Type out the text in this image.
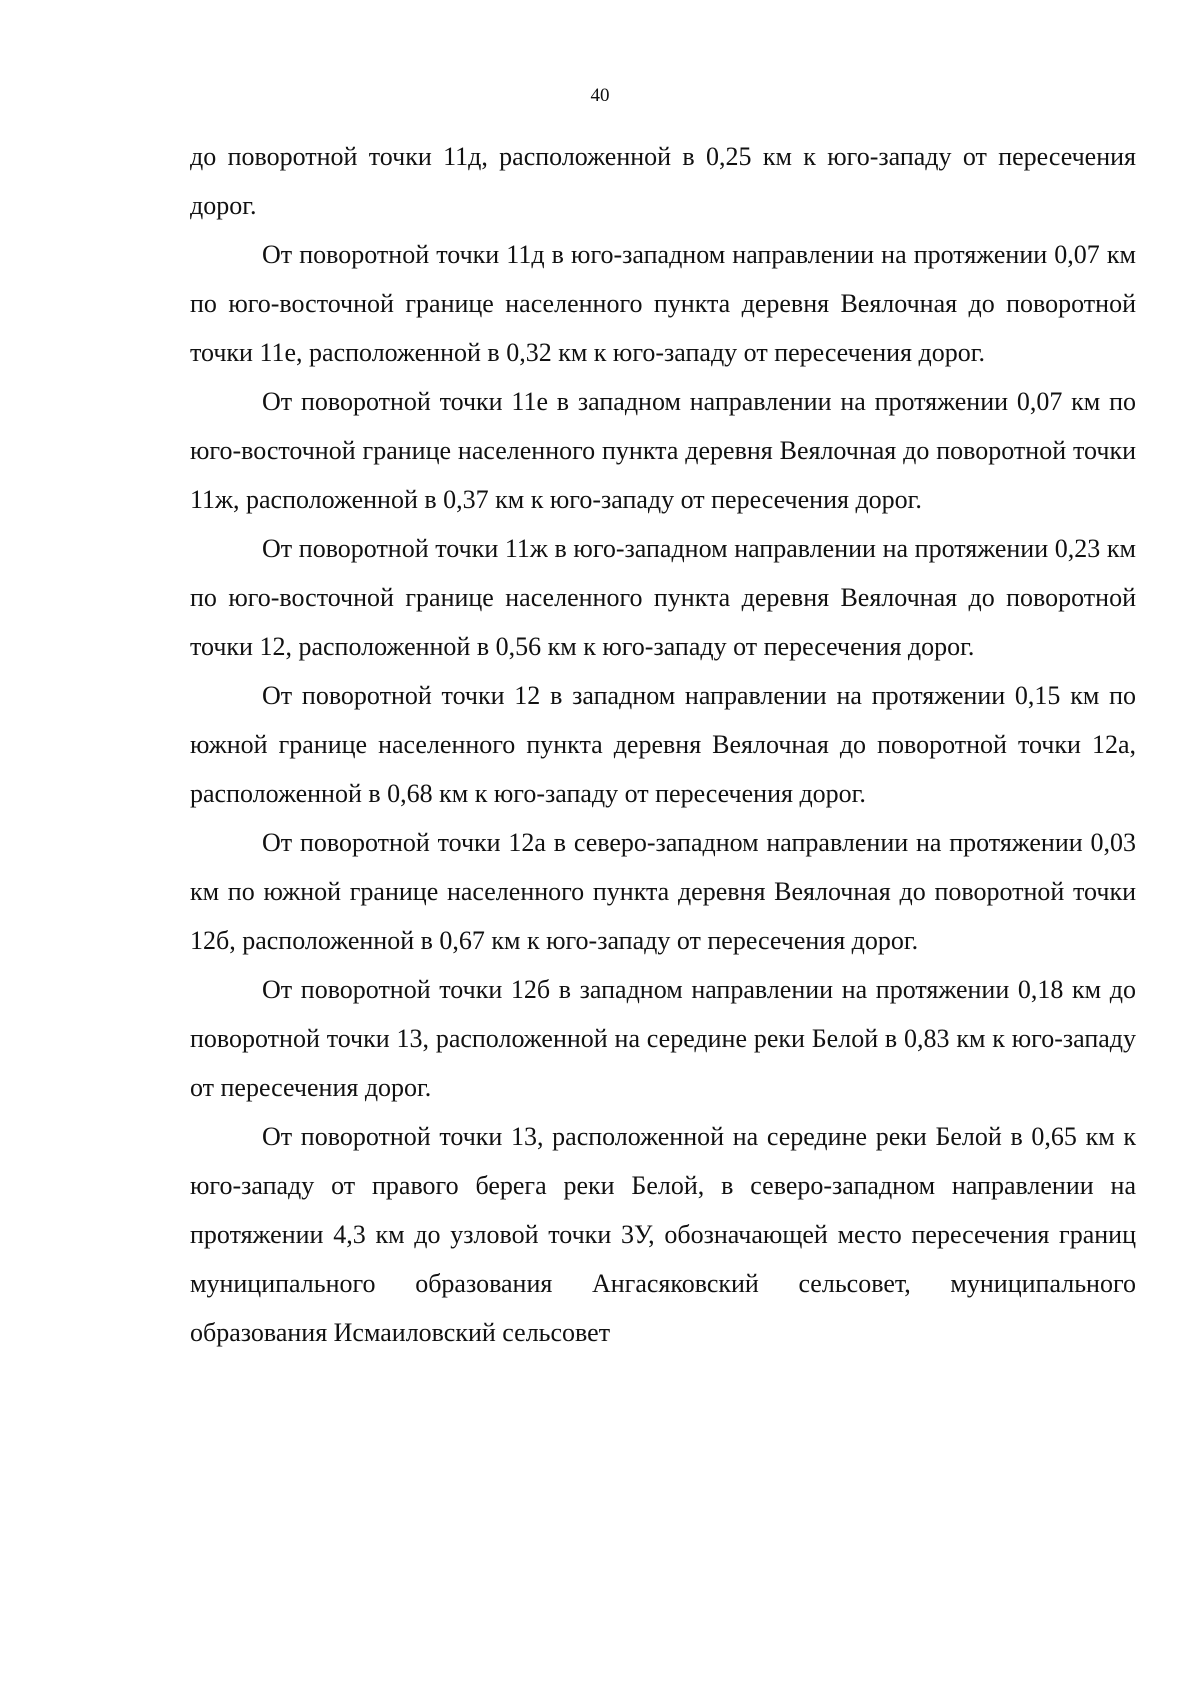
40

до поворотной точки 11д, расположенной в 0,25 км к юго-западу от пересечения дорог.

От поворотной точки 11д в юго-западном направлении на протяжении 0,07 км по юго-восточной границе населенного пункта деревня Веялочная до поворотной точки 11е, расположенной в 0,32 км к юго-западу от пересечения дорог.

От поворотной точки 11е в западном направлении на протяжении 0,07 км по юго-восточной границе населенного пункта деревня Веялочная до поворотной точки 11ж, расположенной в 0,37 км к юго-западу от пересечения дорог.

От поворотной точки 11ж в юго-западном направлении на протяжении 0,23 км по юго-восточной границе населенного пункта деревня Веялочная до поворотной точки 12, расположенной в 0,56 км к юго-западу от пересечения дорог.

От поворотной точки 12 в западном направлении на протяжении 0,15 км по южной границе населенного пункта деревня Веялочная до поворотной точки 12а, расположенной в 0,68 км к юго-западу от пересечения дорог.

От поворотной точки 12а в северо-западном направлении на протяжении 0,03 км по южной границе населенного пункта деревня Веялочная до поворотной точки 12б, расположенной в 0,67 км к юго-западу от пересечения дорог.

От поворотной точки 12б в западном направлении на протяжении 0,18 км до поворотной точки 13, расположенной на середине реки Белой в 0,83 км к юго-западу от пересечения дорог.

От поворотной точки 13, расположенной на середине реки Белой в 0,65 км к юго-западу от правого берега реки Белой, в северо-западном направлении на протяжении 4,3 км до узловой точки 3У, обозначающей место пересечения границ муниципального образования Ангасяковский сельсовет, муниципального образования Исмаиловский сельсовет
